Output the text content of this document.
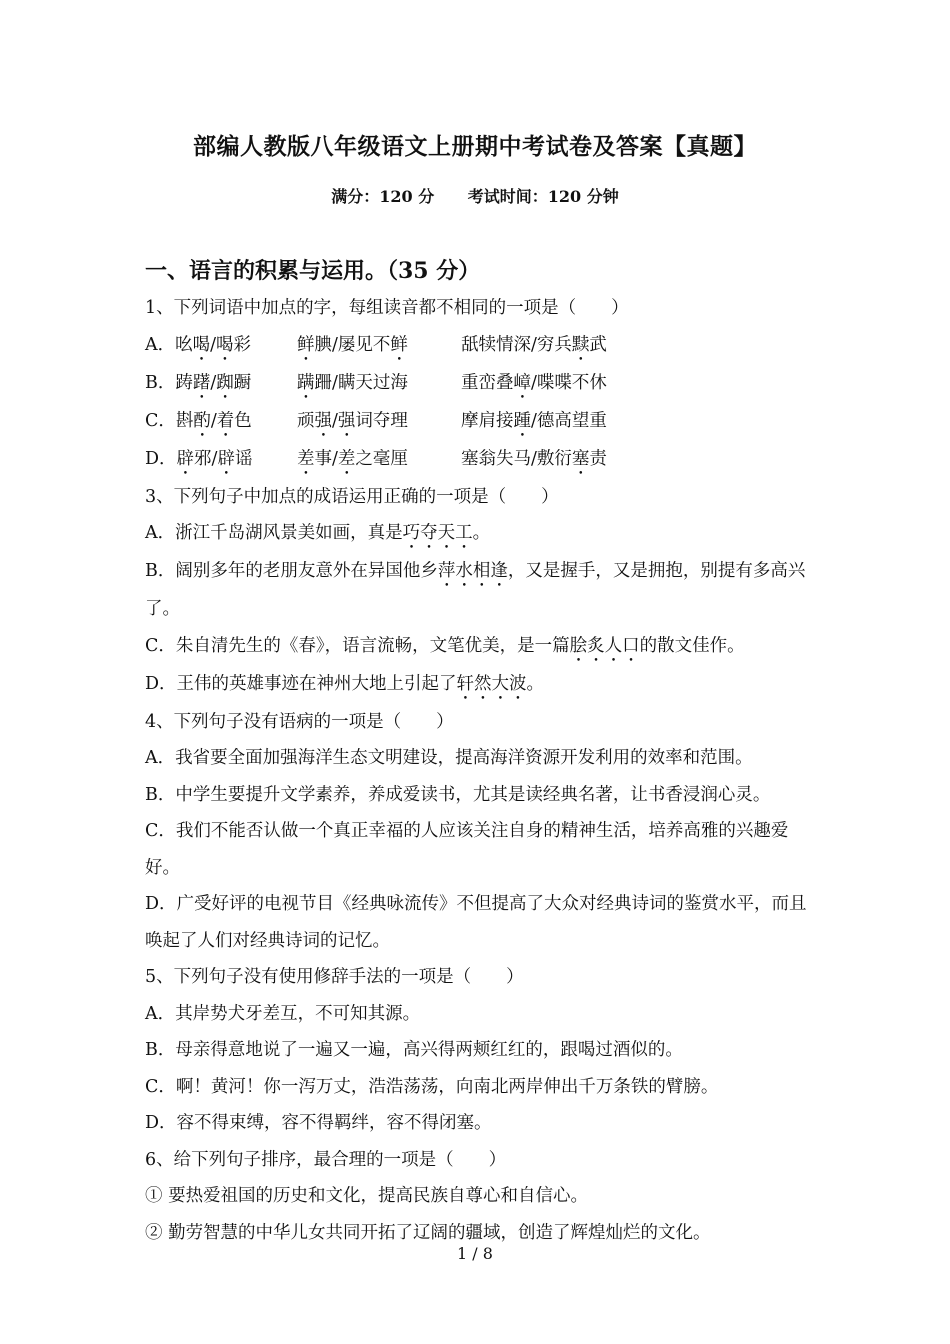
部编人教版八年级语文上册期中考试卷及答案【真题】
满分：120 分 考试时间：120 分钟
一、语言的积累与运用。（35 分）
1、下列词语中加点的字，每组读音都不相同的一项是（　　）
A．吆喝/喝彩	鲜腆/屡见不鲜	舐犊情深/穷兵黩武
B．踌躇/踟蹰	蹒跚/瞒天过海	重峦叠嶂/喋喋不休
C．斟酌/着色	顽强/强词夺理	摩肩接踵/德高望重
D．辟邪/辟谣	差事/差之毫厘	塞翁失马/敷衍塞责
3、下列句子中加点的成语运用正确的一项是（　　）
A．浙江千岛湖风景美如画，真是巧夺天工。
B．阔别多年的老朋友意外在异国他乡萍水相逢，又是握手，又是拥抱，别提有多高兴了。
C．朱自清先生的《春》，语言流畅，文笔优美，是一篇脍炙人口的散文佳作。
D．王伟的英雄事迹在神州大地上引起了轩然大波。
4、下列句子没有语病的一项是（　　）
A．我省要全面加强海洋生态文明建设，提高海洋资源开发利用的效率和范围。
B．中学生要提升文学素养，养成爱读书，尤其是读经典名著，让书香浸润心灵。
C．我们不能否认做一个真正幸福的人应该关注自身的精神生活，培养高雅的兴趣爱好。
D．广受好评的电视节目《经典咏流传》不但提高了大众对经典诗词的鉴赏水平，而且唤起了人们对经典诗词的记忆。
5、下列句子没有使用修辞手法的一项是（　　）
A．其岸势犬牙差互，不可知其源。
B．母亲得意地说了一遍又一遍，高兴得两颊红红的，跟喝过酒似的。
C．啊！黄河！你一泻万丈，浩浩荡荡，向南北两岸伸出千万条铁的臂膀。
D．容不得束缚，容不得羁绊，容不得闭塞。
6、给下列句子排序，最合理的一项是（　　）
① 要热爱祖国的历史和文化，提高民族自尊心和自信心。
② 勤劳智慧的中华儿女共同开拓了辽阔的疆域，创造了辉煌灿烂的文化。
1 / 8
